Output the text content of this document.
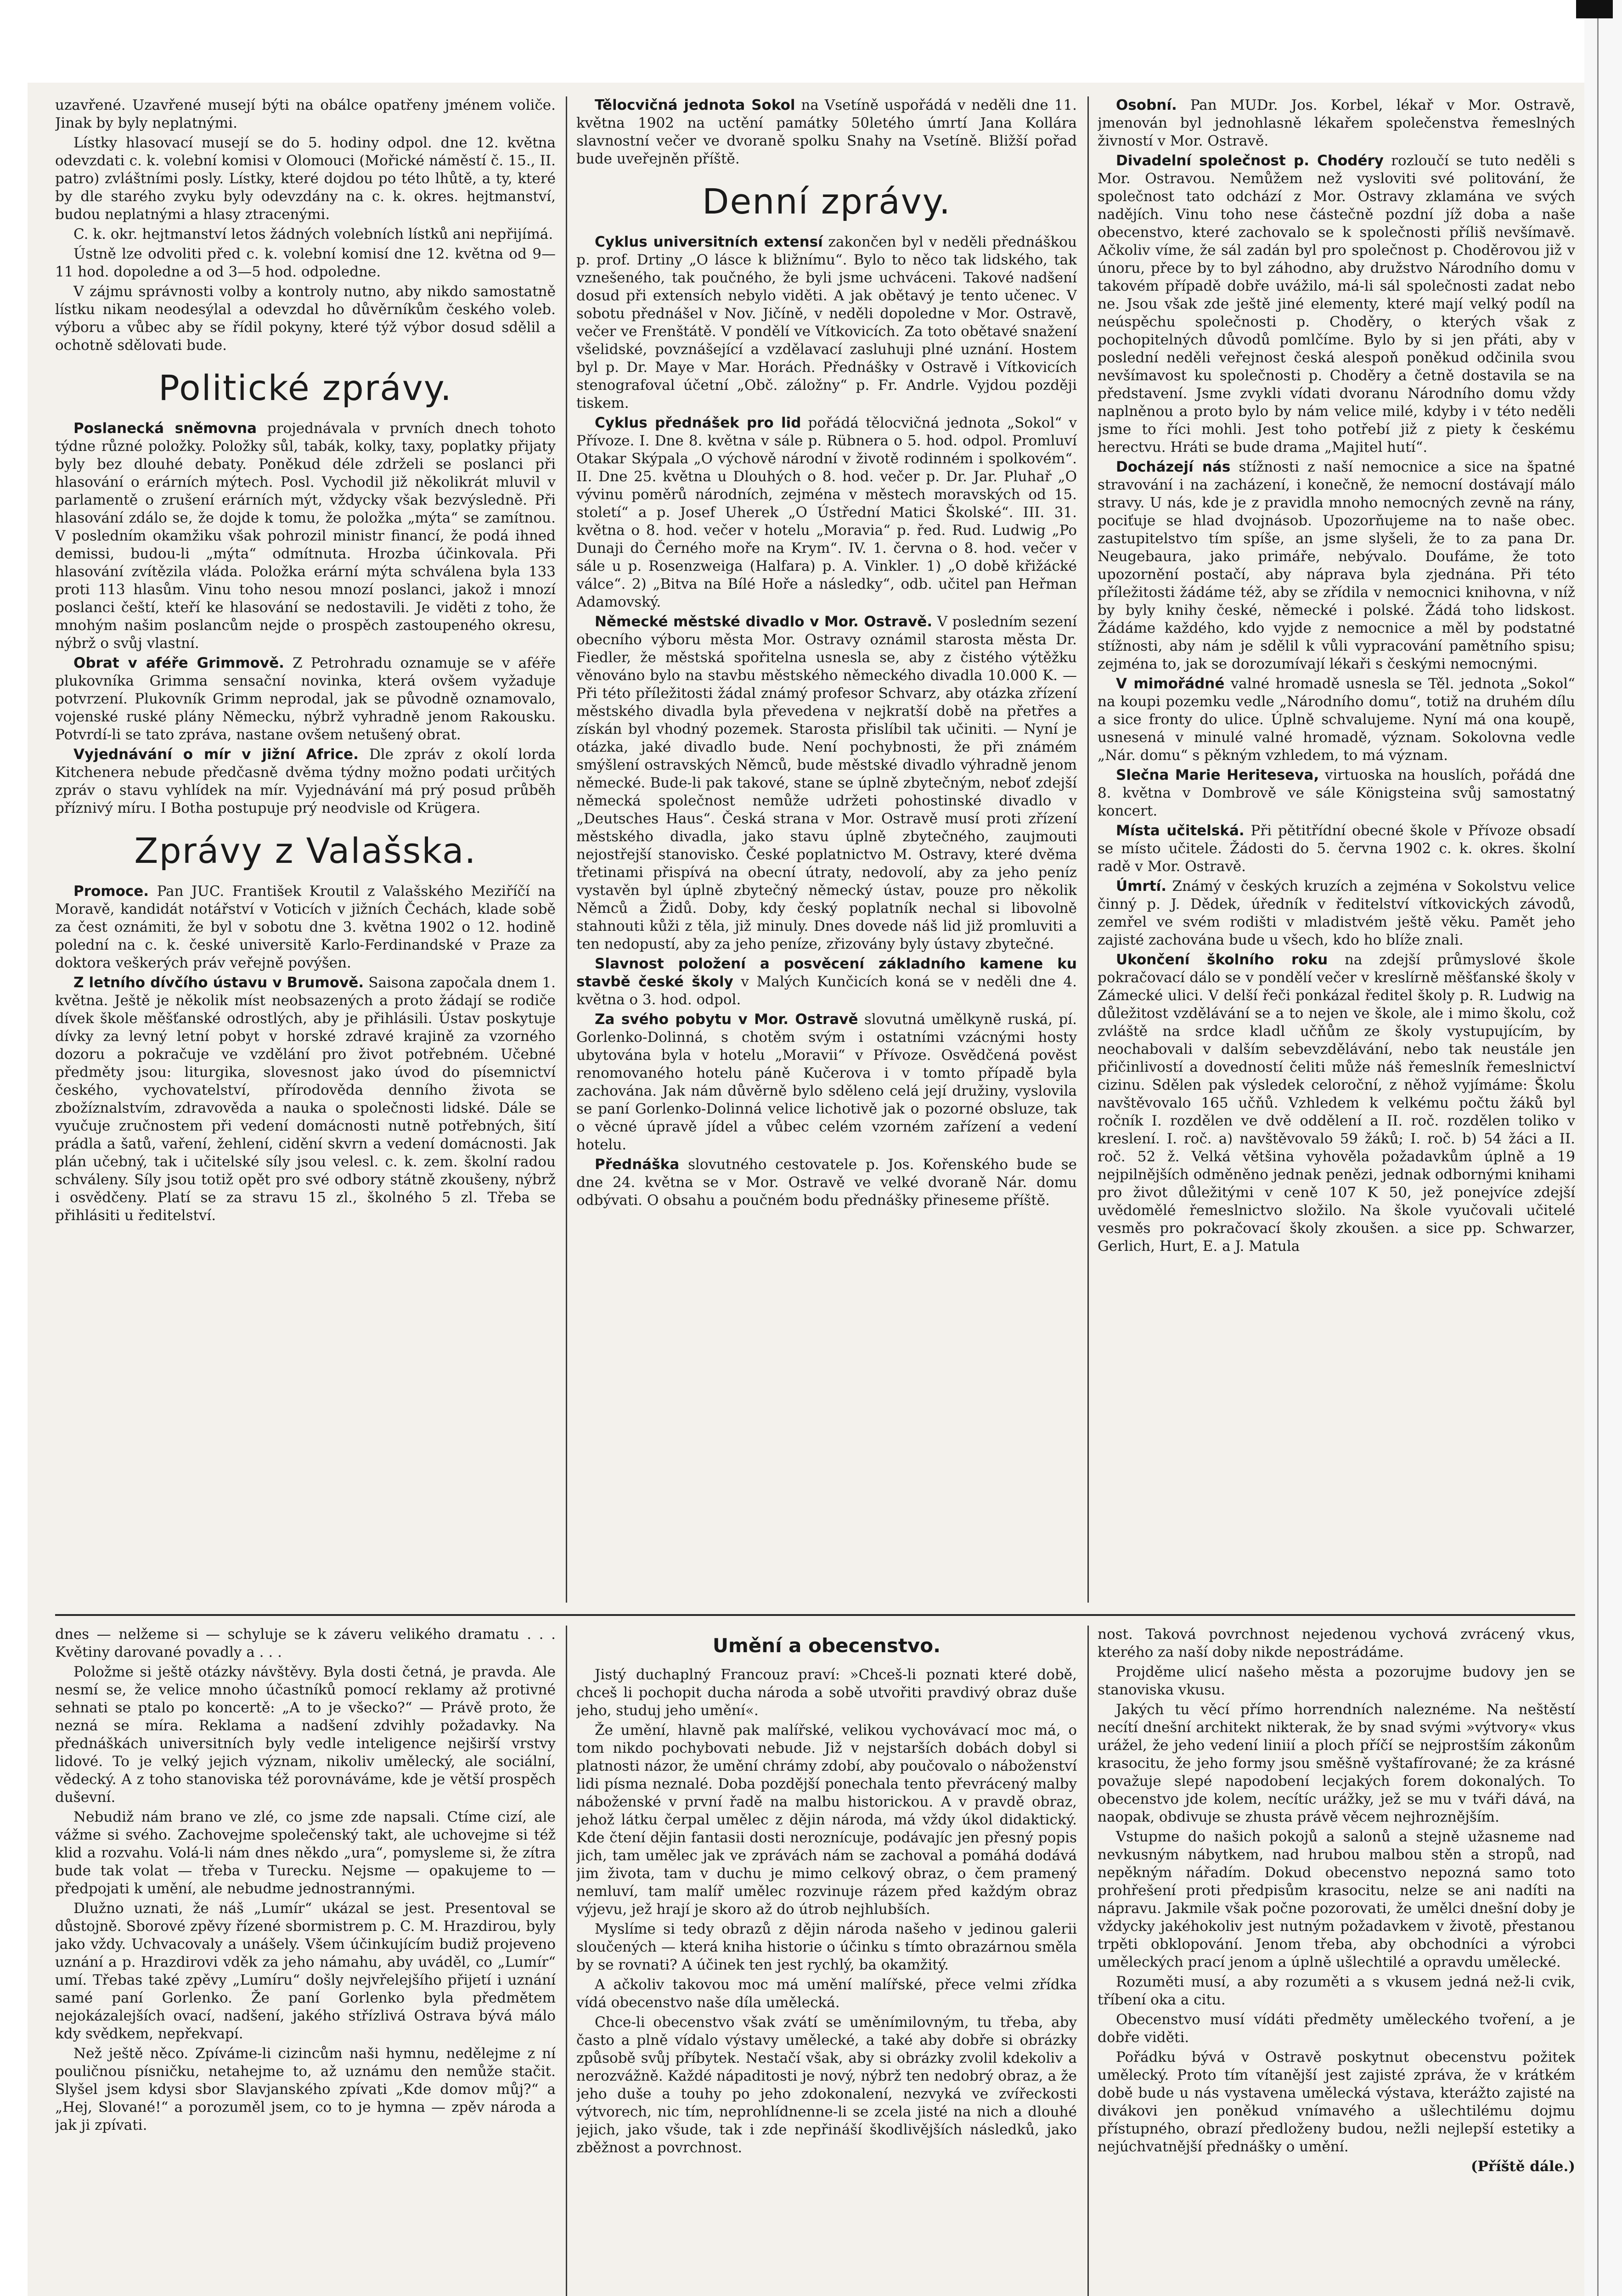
uzavřené. Uzavřené musejí býti na obálce opatřeny jménem voliče. Jinak by byly neplatnými.

Lístky hlasovací musejí se do 5. hodiny odpol. dne 12. května odevzdati c. k. volební komisi v Olomouci (Mořické náměstí č. 15., II. patro) zvláštními posly. Lístky, které dojdou po této lhůtě, a ty, které by dle starého zvyku byly odevzdány na c. k. okres. hejtmanství, budou neplatnými a hlasy ztracenými.

C. k. okr. hejtmanství letos žádných volebních lístků ani nepřijímá.

Ústně lze odvoliti před c. k. volební komisí dne 12. května od 9—11 hod. dopoledne a od 3—5 hod. odpoledne.

V zájmu správnosti volby a kontroly nutno, aby nikdo samostatně lístku nikam neodesýlal a odevzdal ho důvěrníkům českého voleb. výboru a vůbec aby se řídil pokyny, které týž výbor dosud sdělil a ochotně sdělovati bude.

Politické zprávy.

Poslanecká sněmovna projednávala v prvních dnech tohoto týdne různé položky. Položky sůl, tabák, kolky, taxy, poplatky přijaty byly bez dlouhé debaty. Poněkud déle zdrželi se poslanci při hlasování o erárních mýtech. Posl. Vychodil již několikrát mluvil v parlamentě o zrušení erárních mýt, vždycky však bezvýsledně. Při hlasování zdálo se, že dojde k tomu, že položka „mýta“ se zamítnou. V posledním okamžiku však pohrozil ministr financí, že podá ihned demissi, budou-li „mýta“ odmítnuta. Hrozba účinkovala. Při hlasování zvítězila vláda. Položka erární mýta schválena byla 133 proti 113 hlasům. Vinu toho nesou mnozí poslanci, jakož i mnozí poslanci čeští, kteří ke hlasování se nedostavili. Je viděti z toho, že mnohým našim poslancům nejde o prospěch zastoupeného okresu, nýbrž o svůj vlastní.

Obrat v aféře Grimmově. Z Petrohradu oznamuje se v aféře plukovníka Grimma sensační novinka, která ovšem vyžaduje potvrzení. Plukovník Grimm neprodal, jak se původně oznamovalo, vojenské ruské plány Německu, nýbrž vyhradně jenom Rakousku. Potvrdí-li se tato zpráva, nastane ovšem netušený obrat.

Vyjednávání o mír v jižní Africe. Dle zpráv z okolí lorda Kitchenera nebude předčasně dvěma týdny možno podati určitých zpráv o stavu vyhlídek na mír. Vyjednávání má prý posud průběh příznivý míru. I Botha postupuje prý neodvisle od Krügera.

Zprávy z Valašska.

Promoce. Pan JUC. František Kroutil z Valašského Meziříčí na Moravě, kandidát notářství v Voticích v jižních Čechách, klade sobě za čest oznámiti, že byl v sobotu dne 3. května 1902 o 12. hodině polední na c. k. české universitě Karlo-Ferdinandské v Praze za doktora veškerých práv veřejně povýšen.

Z letního dívčího ústavu v Brumově. Saisona započala dnem 1. května. Ještě je několik míst neobsazených a proto žádají se rodiče dívek škole měšťanské odrostlých, aby je přihlásili. Ústav poskytuje dívky za levný letní pobyt v horské zdravé krajině za vzorného dozoru a pokračuje ve vzdělání pro život potřebném. Učebné předměty jsou: liturgika, slovesnost jako úvod do písemnictví českého, vychovatelství, přírodověda denního života se zbožíznalstvím, zdravověda a nauka o společnosti lidské. Dále se vyučuje zručnostem při vedení domácnosti nutně potřebných, šití prádla a šatů, vaření, žehlení, cidění skvrn a vedení domácnosti. Jak plán učebný, tak i učitelské síly jsou velesl. c. k. zem. školní radou schváleny. Síly jsou totiž opět pro své odbory státně zkoušeny, nýbrž i osvědčeny. Platí se za stravu 15 zl., školného 5 zl. Třeba se přihlásiti u ředitelství.

Tělocvičná jednota Sokol na Vsetíně uspořádá v neděli dne 11. května 1902 na uctění památky 50letého úmrtí Jana Kollára slavnostní večer ve dvoraně spolku Snahy na Vsetíně. Bližší pořad bude uveřejněn příště.

Denní zprávy.

Cyklus universitních extensí zakončen byl v neděli přednáškou p. prof. Drtiny „O lásce k bližnímu“. Bylo to něco tak lidského, tak vznešeného, tak poučného, že byli jsme uchváceni. Takové nadšení dosud při extensích nebylo viděti. A jak obětavý je tento učenec. V sobotu přednášel v Nov. Jičíně, v neděli dopoledne v Mor. Ostravě, večer ve Frenštátě. V pondělí ve Vítkovicích. Za toto obětavé snažení všelidské, povznášející a vzdělavací zasluhuji plné uznání. Hostem byl p. Dr. Maye v Mar. Horách. Přednášky v Ostravě i Vítkovicích stenografoval účetní „Obč. záložny“ p. Fr. Andrle. Vyjdou později tiskem.

Cyklus přednášek pro lid pořádá tělocvičná jednota „Sokol“ v Přívoze. I. Dne 8. května v sále p. Rübnera o 5. hod. odpol. Promluví Otakar Skýpala „O výchově národní v životě rodinném i spolkovém“. II. Dne 25. května u Dlouhých o 8. hod. večer p. Dr. Jar. Pluhař „O vývinu poměrů národních, zejména v městech moravských od 15. století“ a p. Josef Uherek „O Ústřední Matici Školské“. III. 31. května o 8. hod. večer v hotelu „Moravia“ p. řed. Rud. Ludwig „Po Dunaji do Černého moře na Krym“. IV. 1. června o 8. hod. večer v sále u p. Rosenzweiga (Halfara) p. A. Vinkler. 1) „O době křižácké válce“. 2) „Bitva na Bílé Hoře a následky“, odb. učitel pan Heřman Adamovský.

Německé městské divadlo v Mor. Ostravě. V posledním sezení obecního výboru města Mor. Ostravy oznámil starosta města Dr. Fiedler, že městská spořitelna usnesla se, aby z čistého výtěžku věnováno bylo na stavbu městského německého divadla 10.000 K. — Při této příležitosti žádal známý profesor Schvarz, aby otázka zřízení městského divadla byla převedena v nejkratší době na přetřes a získán byl vhodný pozemek. Starosta přislíbil tak učiniti. — Nyní je otázka, jaké divadlo bude. Není pochybnosti, že při známém smýšlení ostravských Němců, bude městské divadlo výhradně jenom německé. Bude-li pak takové, stane se úplně zbytečným, neboť zdejší německá společnost nemůže udržeti pohostinské divadlo v „Deutsches Haus“. Česká strana v Mor. Ostravě musí proti zřízení městského divadla, jako stavu úplně zbytečného, zaujmouti nejostřejší stanovisko. České poplatnictvo M. Ostravy, které dvěma třetinami přispívá na obecní útraty, nedovolí, aby za jeho peníz vystavěn byl úplně zbytečný německý ústav, pouze pro několik Němců a Židů. Doby, kdy český poplatník nechal si libovolně stahnouti kůži z těla, již minuly. Dnes dovede náš lid již promluviti a ten nedopustí, aby za jeho peníze, zřizovány byly ústavy zbytečné.

Slavnost položení a posvěcení základního kamene ku stavbě české školy v Malých Kunčicích koná se v neděli dne 4. května o 3. hod. odpol.

Za svého pobytu v Mor. Ostravě slovutná umělkyně ruská, pí. Gorlenko-Dolinná, s chotěm svým i ostatními vzácnými hosty ubytována byla v hotelu „Moravii“ v Přívoze. Osvědčená pověst renomovaného hotelu páně Kučerova i v tomto případě byla zachována. Jak nám důvěrně bylo sděleno celá její družiny, vyslovila se paní Gorlenko-Dolinná velice lichotivě jak o pozorné obsluze, tak o věcné úpravě jídel a vůbec celém vzorném zařízení a vedení hotelu.

Přednáška slovutného cestovatele p. Jos. Kořenského bude se dne 24. května se v Mor. Ostravě ve velké dvoraně Nár. domu odbývati. O obsahu a poučném bodu přednášky přineseme příště.

Osobní. Pan MUDr. Jos. Korbel, lékař v Mor. Ostravě, jmenován byl jednohlasně lékařem společenstva řemeslných živností v Mor. Ostravě.

Divadelní společnost p. Chodéry rozloučí se tuto neděli s Mor. Ostravou. Nemůžem než vysloviti své politování, že společnost tato odchází z Mor. Ostravy zklamána ve svých nadějích. Vinu toho nese částečně pozdní jíž doba a naše obecenstvo, které zachovalo se k společnosti příliš nevšímavě. Ačkoliv víme, že sál zadán byl pro společnost p. Choděrovou již v únoru, přece by to byl záhodno, aby družstvo Národního domu v takovém případě dobře uvážilo, má-li sál společnosti zadat nebo ne. Jsou však zde ještě jiné elementy, které mají velký podíl na neúspěchu společnosti p. Choděry, o kterých však z pochopitelných důvodů pomlčíme. Bylo by si jen přáti, aby v poslední neděli veřejnost česká alespoň poněkud odčinila svou nevšímavost ku společnosti p. Choděry a četně dostavila se na představení. Jsme zvykli vídati dvoranu Národního domu vždy naplněnou a proto bylo by nám velice milé, kdyby i v této neděli jsme to říci mohli. Jest toho potřebí již z piety k českému herectvu. Hráti se bude drama „Majitel hutí“.

Docházejí nás stížnosti z naší nemocnice a sice na špatné stravování i na zacházení, i konečně, že nemocní dostávají málo stravy. U nás, kde je z pravidla mnoho nemocných zevně na rány, pociťuje se hlad dvojnásob. Upozorňujeme na to naše obec. zastupitelstvo tím spíše, an jsme slyšeli, že to za pana Dr. Neugebaura, jako primáře, nebývalo. Doufáme, že toto upozornění postačí, aby náprava byla zjednána. Při této příležitosti žádáme též, aby se zřídila v nemocnici knihovna, v níž by byly knihy české, německé i polské. Žádá toho lidskost. Žádáme každého, kdo vyjde z nemocnice a měl by podstatné stížnosti, aby nám je sdělil k vůli vypracování pamětního spisu; zejména to, jak se dorozumívají lékaři s českými nemocnými.

V mimořádné valné hromadě usnesla se Těl. jednota „Sokol“ na koupi pozemku vedle „Národního domu“, totiž na druhém dílu a sice fronty do ulice. Úplně schvalujeme. Nyní má ona koupě, usnesená v minulé valné hromadě, význam. Sokolovna vedle „Nár. domu“ s pěkným vzhledem, to má význam.

Slečna Marie Heriteseva, virtuoska na houslích, pořádá dne 8. května v Dombrově ve sále Königsteina svůj samostatný koncert.

Místa učitelská. Při pětitřídní obecné škole v Přívoze obsadí se místo učitele. Žádosti do 5. června 1902 c. k. okres. školní radě v Mor. Ostravě.

Úmrtí. Známý v českých kruzích a zejména v Sokolstvu velice činný p. J. Dědek, úředník v ředitelství vítkovických závodů, zemřel ve svém rodišti v mladistvém ještě věku. Pamět jeho zajisté zachována bude u všech, kdo ho blíže znali.

Ukončení školního roku na zdejší průmyslové škole pokračovací dálo se v pondělí večer v kreslírně měšťanské školy v Zámecké ulici. V delší řeči ponkázal ředitel školy p. R. Ludwig na důležitost vzdělávání se a to nejen ve škole, ale i mimo školu, což zvláště na srdce kladl učňům ze školy vystupujícím, by neochabovali v dalším sebevzdělávání, nebo tak neustále jen přičinlivostí a dovedností čeliti může náš řemeslník řemeslnictví cizinu. Sdělen pak výsledek celoroční, z něhož vyjímáme: Školu navštěvovalo 165 učňů. Vzhledem k velkému počtu žáků byl ročník I. rozdělen ve dvě oddělení a II. roč. rozdělen toliko v kreslení. I. roč. a) navštěvovalo 59 žáků; I. roč. b) 54 žáci a II. roč. 52 ž. Velká většina vyhověla požadavkům úplně a 19 nejpilnějších odměněno jednak penězi, jednak odbornými knihami pro život důležitými v ceně 107 K 50, jež ponejvíce zdejší uvědomělé řemeslnictvo složilo. Na škole vyučovali učitelé vesměs pro pokračovací školy zkoušen. a sice pp. Schwarzer, Gerlich, Hurt, E. a J. Matula

dnes — nelžeme si — schyluje se k záveru velikého dramatu . . . Květiny darované povadly a . . .

Položme si ještě otázky návštěvy. Byla dosti četná, je pravda. Ale nesmí se, že velice mnoho účastníků pomocí reklamy až protivné sehnati se ptalo po koncertě: „A to je všecko?“ — Právě proto, že nezná se míra. Reklama a nadšení zdvihly požadavky. Na přednáškách universitních byly vedle inteligence nejširší vrstvy lidové. To je velký jejich význam, nikoliv umělecký, ale sociální, vědecký. A z toho stanoviska též porovnáváme, kde je větší prospěch duševní.

Nebudiž nám brano ve zlé, co jsme zde napsali. Ctíme cizí, ale vážme si svého. Zachovejme společenský takt, ale uchovejme si též klid a rozvahu. Volá-li nám dnes někdo „ura“, pomysleme si, že zítra bude tak volat — třeba v Turecku. Nejsme — opakujeme to — předpojati k umění, ale nebudme jednostrannými.

Dlužno uznati, že náš „Lumír“ ukázal se jest. Presentoval se důstojně. Sborové zpěvy řízené sbormistrem p. C. M. Hrazdirou, byly jako vždy. Uchvacovaly a unášely. Všem účinkujícím budiž projeveno uznání a p. Hrazdirovi vděk za jeho námahu, aby uváděl, co „Lumír“ umí. Třebas také zpěvy „Lumíru“ došly nejvřelejšího přijetí i uznání samé paní Gorlenko. Že paní Gorlenko byla předmětem nejokázalejších ovací, nadšení, jakého střízlivá Ostrava bývá málo kdy svědkem, nepřekvapí.

Než ještě něco. Zpíváme-li cizincům naši hymnu, nedělejme z ní pouličnou písničku, netahejme to, až uznámu den nemůže stačit. Slyšel jsem kdysi sbor Slavjanského zpívati „Kde domov můj?“ a „Hej, Slované!“ a porozuměl jsem, co to je hymna — zpěv národa a jak ji zpívati.

Umění a obecenstvo.

Jistý duchaplný Francouz praví: »Chceš-li poznati které době, chceš li pochopit ducha národa a sobě utvořiti pravdivý obraz duše jeho, studuj jeho umění«.

Že umění, hlavně pak malířské, velikou vychovávací moc má, o tom nikdo pochybovati nebude. Již v nejstarších dobách dobyl si platnosti názor, že umění chrámy zdobí, aby poučovalo o náboženství lidi písma neznalé. Doba pozdější ponechala tento převrácený malby náboženské v první řadě na malbu historickou. A v pravdě obraz, jehož látku čerpal umělec z dějin národa, má vždy úkol didaktický. Kde čtení dějin fantasii dosti neroznícuje, podávajíc jen přesný popis jich, tam umělec jak ve zprávách nám se zachoval a pomáhá dodává jim života, tam v duchu je mimo celkový obraz, o čem pramený nemluví, tam malíř umělec rozvinuje rázem před každým obraz výjevu, jež hrají je skoro až do útrob nejhlubších.

Myslíme si tedy obrazů z dějin národa našeho v jedinou galerii sloučených — která kniha historie o účinku s tímto obrazárnou směla by se rovnati? A účinek ten jest rychlý, ba okamžitý.

A ačkoliv takovou moc má umění malířské, přece velmi zřídka vídá obecenstvo naše díla umělecká.

Chce-li obecenstvo však zvátí se uměnímilovným, tu třeba, aby často a plně vídalo výstavy umělecké, a také aby dobře si obrázky způsobě svůj příbytek. Nestačí však, aby si obrázky zvolil kdekoliv a nerozvážně. Každé nápaditosti je nový, nýbrž ten nedobrý obraz, a že jeho duše a touhy po jeho zdokonalení, nezvyká ve zvířeckosti výtvorech, nic tím, neprohlídnenne-li se zcela jisté na nich a dlouhé jejich, jako všude, tak i zde nepřináší škodlivějších následků, jako zběžnost a povrchnost.

nost. Taková povrchnost nejedenou vychová zvrácený vkus, kterého za naší doby nikde nepostrádáme.

Projděme ulicí našeho města a pozorujme budovy jen se stanoviska vkusu.

Jakých tu věcí přímo horrendních naleznéme. Na neštěstí necítí dnešní architekt nikterak, že by snad svými »výtvory« vkus urážel, že jeho vedení liniií a ploch příčí se nejprostším zákonům krasocitu, že jeho formy jsou směšně vyštafírované; že za krásné považuje slepé napodobení lecjakých forem dokonalých. To obecenstvo jde kolem, necítíc urážky, jež se mu v tváři dává, na naopak, obdivuje se zhusta právě věcem nejhroznějším.

Vstupme do našich pokojů a salonů a stejně užasneme nad nevkusným nábytkem, nad hrubou malbou stěn a stropů, nad nepěkným nářadím. Dokud obecenstvo nepozná samo toto prohřešení proti předpisům krasocitu, nelze se ani nadíti na nápravu. Jakmile však počne pozorovati, že umělci dnešní doby je vždycky jakéhokoliv jest nutným požadavkem v životě, přestanou trpěti obklopování. Jenom třeba, aby obchodníci a výrobci uměleckých prací jenom a úplně ušlechtilé a opravdu umělecké.

Rozuměti musí, a aby rozuměti a s vkusem jedná než-li cvik, tříbení oka a citu.

Obecenstvo musí vídáti předměty uměleckého tvoření, a je dobře viděti.

Pořádku bývá v Ostravě poskytnut obecenstvu požitek umělecký. Proto tím vítanější jest zajisté zpráva, že v krátkém době bude u nás vystavena umělecká výstava, kterážto zajisté na divákovi jen poněkud vnímavého a ušlechtilému dojmu přístupného, obrazí předloženy budou, nežli nejlepší estetiky a nejúchvatnější přednášky o umění.

(Příště dále.)
